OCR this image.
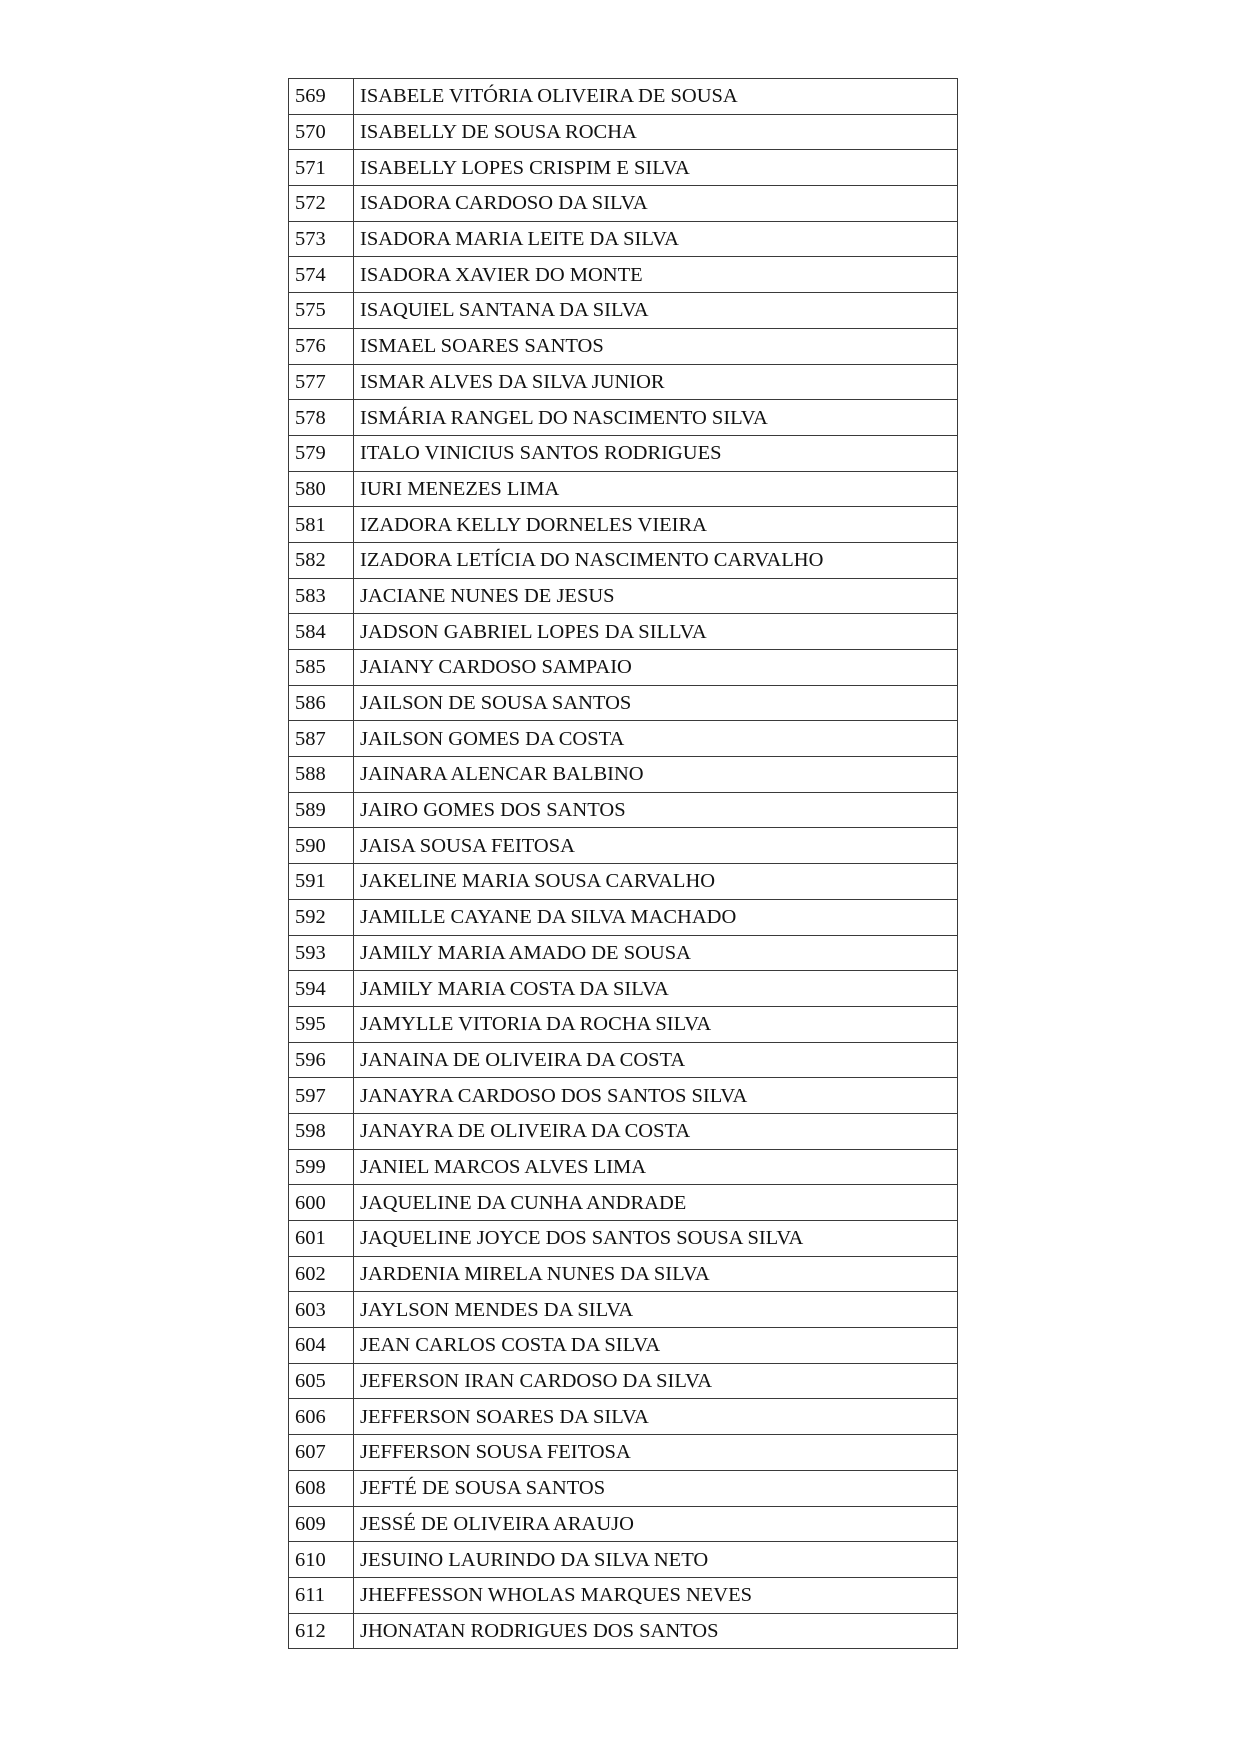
569	ISABELE VITÓRIA OLIVEIRA DE SOUSA
570	ISABELLY DE SOUSA ROCHA
571	ISABELLY LOPES CRISPIM E SILVA
572	ISADORA CARDOSO DA SILVA
573	ISADORA MARIA LEITE DA SILVA
574	ISADORA XAVIER DO MONTE
575	ISAQUIEL SANTANA DA SILVA
576	ISMAEL SOARES SANTOS
577	ISMAR ALVES DA SILVA JUNIOR
578	ISMÁRIA RANGEL DO NASCIMENTO SILVA
579	ITALO VINICIUS SANTOS RODRIGUES
580	IURI MENEZES LIMA
581	IZADORA KELLY DORNELES VIEIRA
582	IZADORA LETÍCIA DO NASCIMENTO CARVALHO
583	JACIANE NUNES DE JESUS
584	JADSON GABRIEL LOPES DA SILLVA
585	JAIANY CARDOSO SAMPAIO
586	JAILSON DE SOUSA SANTOS
587	JAILSON GOMES DA COSTA
588	JAINARA ALENCAR BALBINO
589	JAIRO GOMES DOS SANTOS
590	JAISA SOUSA FEITOSA
591	JAKELINE MARIA SOUSA CARVALHO
592	JAMILLE CAYANE DA SILVA MACHADO
593	JAMILY MARIA AMADO DE SOUSA
594	JAMILY MARIA COSTA DA SILVA
595	JAMYLLE VITORIA DA ROCHA SILVA
596	JANAINA DE OLIVEIRA DA COSTA
597	JANAYRA CARDOSO DOS SANTOS SILVA
598	JANAYRA DE OLIVEIRA DA COSTA
599	JANIEL MARCOS ALVES LIMA
600	JAQUELINE DA CUNHA ANDRADE
601	JAQUELINE JOYCE DOS SANTOS SOUSA SILVA
602	JARDENIA MIRELA NUNES DA SILVA
603	JAYLSON MENDES DA SILVA
604	JEAN CARLOS COSTA DA SILVA
605	JEFERSON IRAN CARDOSO DA SILVA
606	JEFFERSON SOARES DA SILVA
607	JEFFERSON SOUSA FEITOSA
608	JEFTÉ DE SOUSA SANTOS
609	JESSÉ DE OLIVEIRA ARAUJO
610	JESUINO LAURINDO DA SILVA NETO
611	JHEFFESSON WHOLAS MARQUES NEVES
612	JHONATAN RODRIGUES DOS SANTOS
